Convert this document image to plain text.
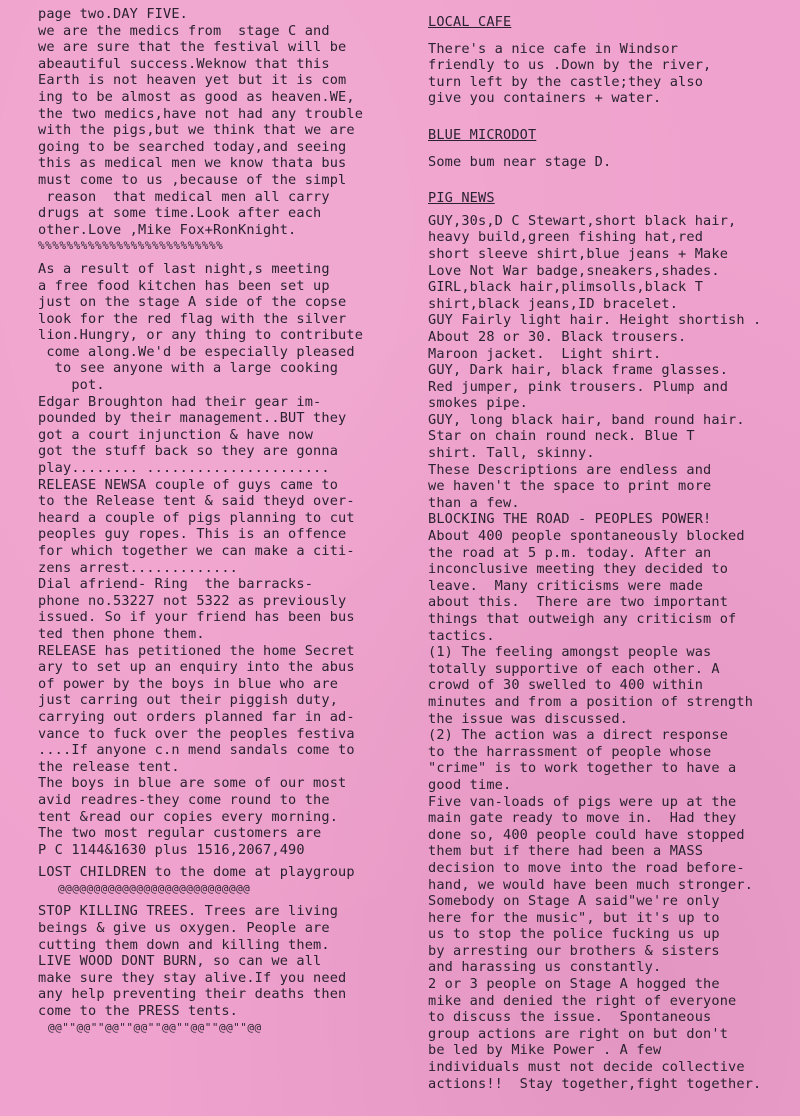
page two.DAY FIVE.
we are the medics from  stage C and
we are sure that the festival will be
abeautiful success.Weknow that this
Earth is not heaven yet but it is com
ing to be almost as good as heaven.WE,
the two medics,have not had any trouble
with the pigs,but we think that we are
going to be searched today,and seeing
this as medical men we know thata bus
must come to us ,because of the simpl
reason  that medical men all carry
drugs at some time.Look after each
other.Love ,Mike Fox+RonKnight.
%%%%%%%%%%%%%%%%%%%%%%%%%%
As a result of last night,s meeting
a free food kitchen has been set up
just on the stage A side of the copse
look for the red flag with the silver
lion.Hungry, or any thing to contribute
come along.We'd be especially pleased
to see anyone with a large cooking
pot.
Edgar Broughton had their gear im-
pounded by their management..BUT they
got a court injunction & have now
got the stuff back so they are gonna
play........ ......................
RELEASE NEWSA couple of guys came to
to the Release tent & said theyd over-
heard a couple of pigs planning to cut
peoples guy ropes. This is an offence
for which together we can make a citi-
zens arrest.............
Dial afriend- Ring  the barracks-
phone no.53227 not 5322 as previously
issued. So if your friend has been bus
ted then phone them.
RELEASE has petitioned the home Secret
ary to set up an enquiry into the abus
of power by the boys in blue who are
just carring out their piggish duty,
carrying out orders planned far in ad-
vance to fuck over the peoples festiva
....If anyone c.n mend sandals come to
the release tent.
The boys in blue are some of our most
avid readres-they come round to the
tent &read our copies every morning.
The two most regular customers are
P C 1144&1630 plus 1516,2067,490
LOST CHILDREN to the dome at playgroup
@@@@@@@@@@@@@@@@@@@@@@@@@@@
STOP KILLING TREES. Trees are living
beings & give us oxygen. People are
cutting them down and killing them.
LIVE WOOD DONT BURN, so can we all
make sure they stay alive.If you need
any help preventing their deaths then
come to the PRESS tents.
@@""@@""@@""@@""@@""@@""@@""@@
LOCAL CAFE
There's a nice cafe in Windsor
friendly to us .Down by the river,
turn left by the castle;they also
give you containers + water.
BLUE MICRODOT
Some bum near stage D.
PIG NEWS
GUY,30s,D C Stewart,short black hair,
heavy build,green fishing hat,red
short sleeve shirt,blue jeans + Make
Love Not War badge,sneakers,shades.
GIRL,black hair,plimsolls,black T
shirt,black jeans,ID bracelet.
GUY Fairly light hair. Height shortish .
About 28 or 30. Black trousers.
Maroon jacket.  Light shirt.
GUY, Dark hair, black frame glasses.
Red jumper, pink trousers. Plump and
smokes pipe.
GUY, long black hair, band round hair.
Star on chain round neck. Blue T
shirt. Tall, skinny.
These Descriptions are endless and
we haven't the space to print more
than a few.
BLOCKING THE ROAD - PEOPLES POWER!
About 400 people spontaneously blocked
the road at 5 p.m. today. After an
inconclusive meeting they decided to
leave.  Many criticisms were made
about this.  There are two important
things that outweigh any criticism of
tactics.
(1) The feeling amongst people was
totally supportive of each other. A
crowd of 30 swelled to 400 within
minutes and from a position of strength
the issue was discussed.
(2) The action was a direct response
to the harrassment of people whose
"crime" is to work together to have a
good time.
Five van-loads of pigs were up at the
main gate ready to move in.  Had they
done so, 400 people could have stopped
them but if there had been a MASS
decision to move into the road before-
hand, we would have been much stronger.
Somebody on Stage A said"we're only
here for the music", but it's up to
us to stop the police fucking us up
by arresting our brothers & sisters
and harassing us constantly.
2 or 3 people on Stage A hogged the
mike and denied the right of everyone
to discuss the issue.  Spontaneous
group actions are right on but don't
be led by Mike Power . A few
individuals must not decide collective
actions!!  Stay together,fight together.
